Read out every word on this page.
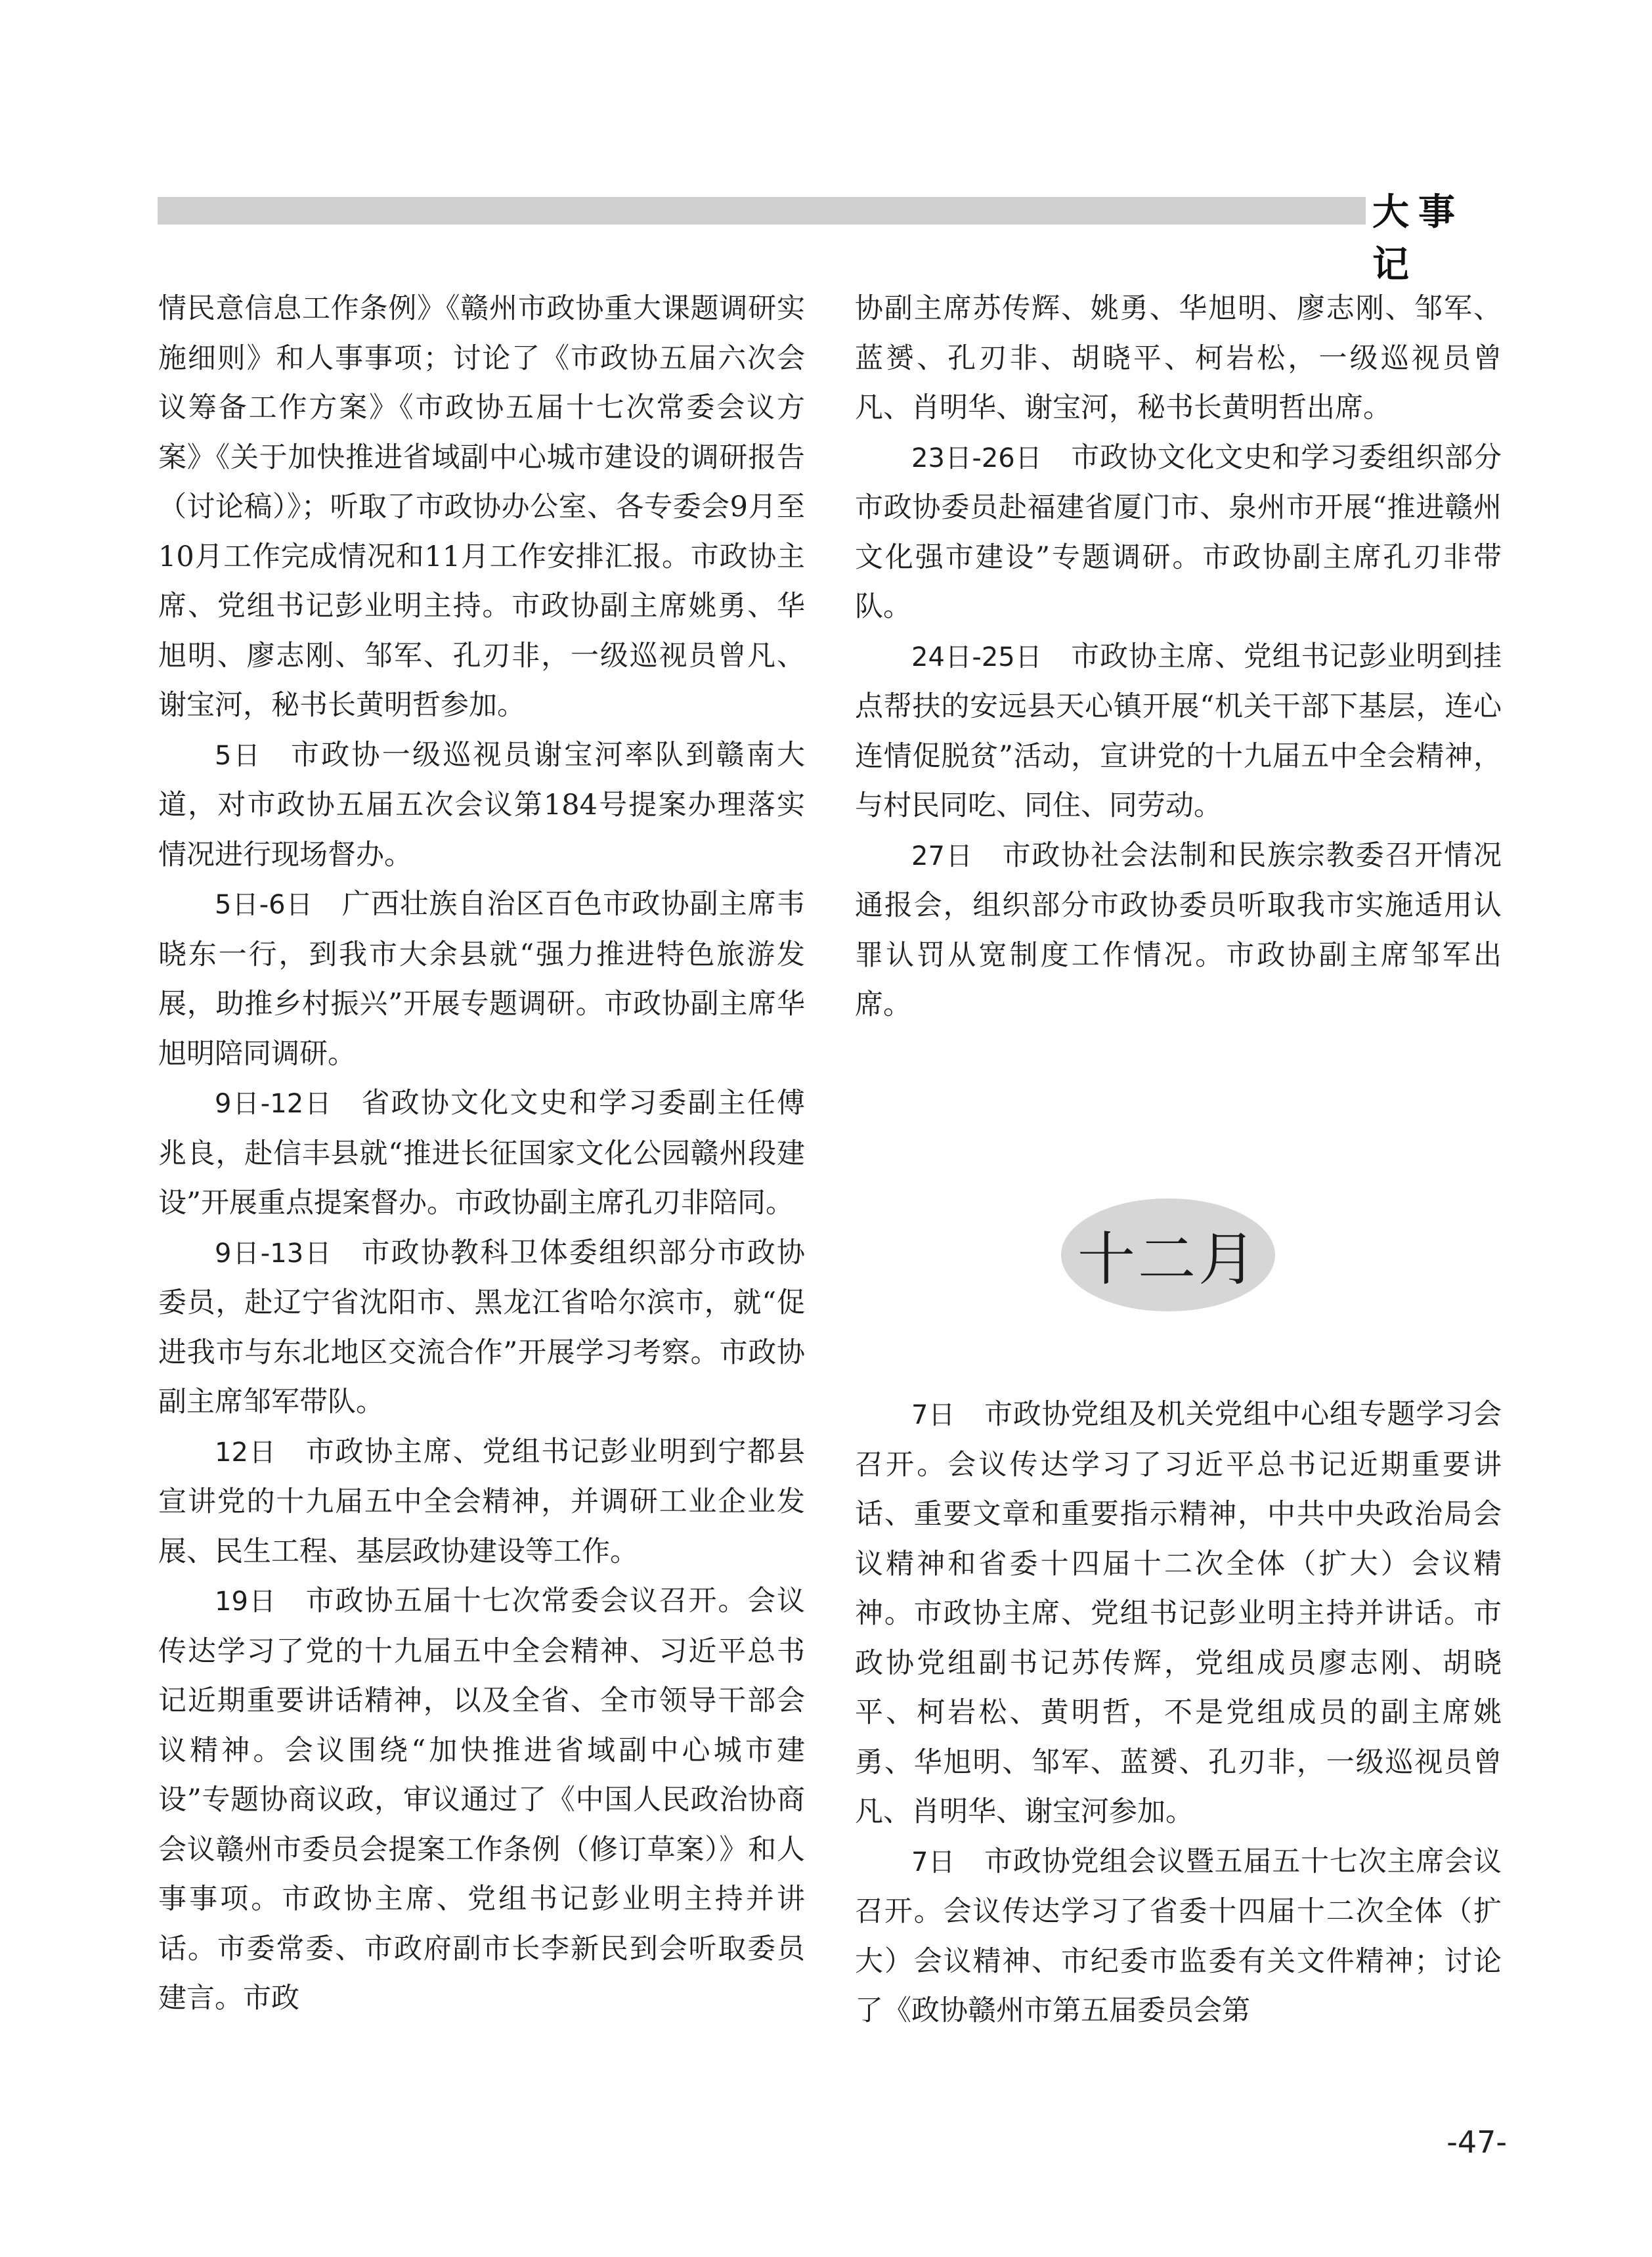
大事记

情民意信息工作条例》《赣州市政协重大课题调研实施细则》和人事事项；讨论了《市政协五届六次会议筹备工作方案》《市政协五届十七次常委会议方案》《关于加快推进省域副中心城市建设的调研报告（讨论稿）》；听取了市政协办公室、各专委会9月至10月工作完成情况和11月工作安排汇报。市政协主席、党组书记彭业明主持。市政协副主席姚勇、华旭明、廖志刚、邹军、孔刃非，一级巡视员曾凡、谢宝河，秘书长黄明哲参加。

5日 市政协一级巡视员谢宝河率队到赣南大道，对市政协五届五次会议第184号提案办理落实情况进行现场督办。

5日-6日 广西壮族自治区百色市政协副主席韦晓东一行，到我市大余县就“强力推进特色旅游发展，助推乡村振兴”开展专题调研。市政协副主席华旭明陪同调研。

9日-12日 省政协文化文史和学习委副主任傅兆良，赴信丰县就“推进长征国家文化公园赣州段建设”开展重点提案督办。市政协副主席孔刃非陪同。

9日-13日 市政协教科卫体委组织部分市政协委员，赴辽宁省沈阳市、黑龙江省哈尔滨市，就“促进我市与东北地区交流合作”开展学习考察。市政协副主席邹军带队。

12日 市政协主席、党组书记彭业明到宁都县宣讲党的十九届五中全会精神，并调研工业企业发展、民生工程、基层政协建设等工作。

19日 市政协五届十七次常委会议召开。会议传达学习了党的十九届五中全会精神、习近平总书记近期重要讲话精神，以及全省、全市领导干部会议精神。会议围绕“加快推进省域副中心城市建设”专题协商议政，审议通过了《中国人民政治协商会议赣州市委员会提案工作条例（修订草案）》和人事事项。市政协主席、党组书记彭业明主持并讲话。市委常委、市政府副市长李新民到会听取委员建言。市政

协副主席苏传辉、姚勇、华旭明、廖志刚、邹军、蓝赟、孔刃非、胡晓平、柯岩松，一级巡视员曾凡、肖明华、谢宝河，秘书长黄明哲出席。

23日-26日 市政协文化文史和学习委组织部分市政协委员赴福建省厦门市、泉州市开展“推进赣州文化强市建设”专题调研。市政协副主席孔刃非带队。

24日-25日 市政协主席、党组书记彭业明到挂点帮扶的安远县天心镇开展“机关干部下基层，连心连情促脱贫”活动，宣讲党的十九届五中全会精神，与村民同吃、同住、同劳动。

27日 市政协社会法制和民族宗教委召开情况通报会，组织部分市政协委员听取我市实施适用认罪认罚从宽制度工作情况。市政协副主席邹军出席。

十二月

7日 市政协党组及机关党组中心组专题学习会召开。会议传达学习了习近平总书记近期重要讲话、重要文章和重要指示精神，中共中央政治局会议精神和省委十四届十二次全体（扩大）会议精神。市政协主席、党组书记彭业明主持并讲话。市政协党组副书记苏传辉，党组成员廖志刚、胡晓平、柯岩松、黄明哲，不是党组成员的副主席姚勇、华旭明、邹军、蓝赟、孔刃非，一级巡视员曾凡、肖明华、谢宝河参加。

7日 市政协党组会议暨五届五十七次主席会议召开。会议传达学习了省委十四届十二次全体（扩大）会议精神、市纪委市监委有关文件精神；讨论了《政协赣州市第五届委员会第

-47-
